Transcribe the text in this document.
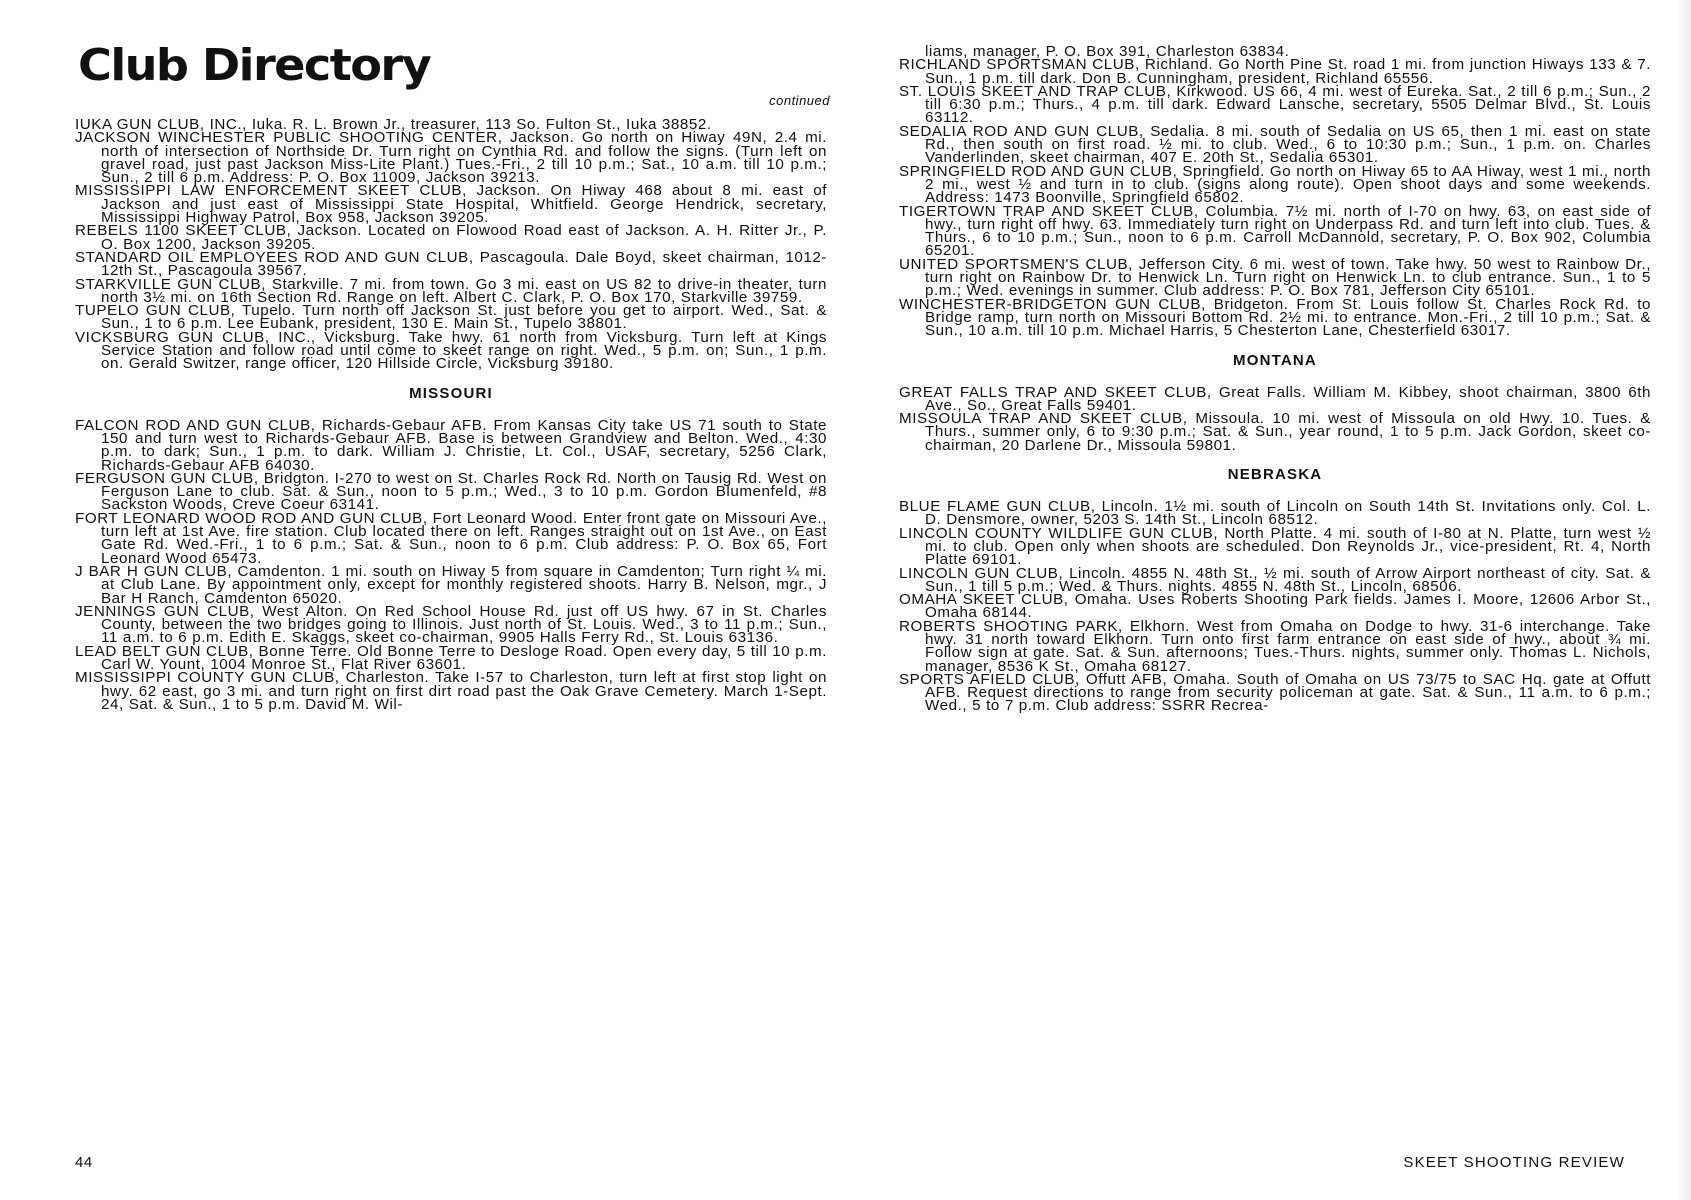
Club Directory
continued

IUKA GUN CLUB, INC., Iuka. R. L. Brown Jr., treasurer, 113 So. Fulton St., Iuka 38852.

JACKSON WINCHESTER PUBLIC SHOOTING CENTER, Jackson. Go north on Hiway 49N, 2.4 mi. north of intersection of Northside Dr. Turn right on Cynthia Rd. and follow the signs. (Turn left on gravel road, just past Jackson Miss-Lite Plant.) Tues.-Fri., 2 till 10 p.m.; Sat., 10 a.m. till 10 p.m.; Sun., 2 till 6 p.m. Address: P. O. Box 11009, Jackson 39213.

MISSISSIPPI LAW ENFORCEMENT SKEET CLUB, Jackson. On Hiway 468 about 8 mi. east of Jackson and just east of Mississippi State Hospital, Whitfield. George Hendrick, secretary, Mississippi Highway Patrol, Box 958, Jackson 39205.

REBELS 1100 SKEET CLUB, Jackson. Located on Flowood Road east of Jackson. A. H. Ritter Jr., P. O. Box 1200, Jackson 39205.

STANDARD OIL EMPLOYEES ROD AND GUN CLUB, Pascagoula. Dale Boyd, skeet chairman, 1012-12th St., Pascagoula 39567.

STARKVILLE GUN CLUB, Starkville. 7 mi. from town. Go 3 mi. east on US 82 to drive-in theater, turn north 3½ mi. on 16th Section Rd. Range on left. Albert C. Clark, P. O. Box 170, Starkville 39759.

TUPELO GUN CLUB, Tupelo. Turn north off Jackson St. just before you get to airport. Wed., Sat. & Sun., 1 to 6 p.m. Lee Eubank, president, 130 E. Main St., Tupelo 38801.

VICKSBURG GUN CLUB, INC., Vicksburg. Take hwy. 61 north from Vicksburg. Turn left at Kings Service Station and follow road until come to skeet range on right. Wed., 5 p.m. on; Sun., 1 p.m. on. Gerald Switzer, range officer, 120 Hillside Circle, Vicksburg 39180.

MISSOURI

FALCON ROD AND GUN CLUB, Richards-Gebaur AFB. From Kansas City take US 71 south to State 150 and turn west to Richards-Gebaur AFB. Base is between Grandview and Belton. Wed., 4:30 p.m. to dark; Sun., 1 p.m. to dark. William J. Christie, Lt. Col., USAF, secretary, 5256 Clark, Richards-Gebaur AFB 64030.

FERGUSON GUN CLUB, Bridgton. I-270 to west on St. Charles Rock Rd. North on Tausig Rd. West on Ferguson Lane to club. Sat. & Sun., noon to 5 p.m.; Wed., 3 to 10 p.m. Gordon Blumenfeld, #8 Sackston Woods, Creve Coeur 63141.

FORT LEONARD WOOD ROD AND GUN CLUB, Fort Leonard Wood. Enter front gate on Missouri Ave., turn left at 1st Ave. fire station. Club located there on left. Ranges straight out on 1st Ave., on East Gate Rd. Wed.-Fri., 1 to 6 p.m.; Sat. & Sun., noon to 6 p.m. Club address: P. O. Box 65, Fort Leonard Wood 65473.

J BAR H GUN CLUB, Camdenton. 1 mi. south on Hiway 5 from square in Camdenton; Turn right ¼ mi. at Club Lane. By appointment only, except for monthly registered shoots. Harry B. Nelson, mgr., J Bar H Ranch, Camdenton 65020.

JENNINGS GUN CLUB, West Alton. On Red School House Rd. just off US hwy. 67 in St. Charles County, between the two bridges going to Illinois. Just north of St. Louis. Wed., 3 to 11 p.m.; Sun., 11 a.m. to 6 p.m. Edith E. Skaggs, skeet co-chairman, 9905 Halls Ferry Rd., St. Louis 63136.

LEAD BELT GUN CLUB, Bonne Terre. Old Bonne Terre to Desloge Road. Open every day, 5 till 10 p.m. Carl W. Yount, 1004 Monroe St., Flat River 63601.

MISSISSIPPI COUNTY GUN CLUB, Charleston. Take I-57 to Charleston, turn left at first stop light on hwy. 62 east, go 3 mi. and turn right on first dirt road past the Oak Grave Cemetery. March 1-Sept. 24, Sat. & Sun., 1 to 5 p.m. David M. Wil-

liams, manager, P. O. Box 391, Charleston 63834.

RICHLAND SPORTSMAN CLUB, Richland. Go North Pine St. road 1 mi. from junction Hiways 133 & 7. Sun., 1 p.m. till dark. Don B. Cunningham, president, Richland 65556.

ST. LOUIS SKEET AND TRAP CLUB, Kirkwood. US 66, 4 mi. west of Eureka. Sat., 2 till 6 p.m.; Sun., 2 till 6:30 p.m.; Thurs., 4 p.m. till dark. Edward Lansche, secretary, 5505 Delmar Blvd., St. Louis 63112.

SEDALIA ROD AND GUN CLUB, Sedalia. 8 mi. south of Sedalia on US 65, then 1 mi. east on state Rd., then south on first road. ½ mi. to club. Wed., 6 to 10:30 p.m.; Sun., 1 p.m. on. Charles Vanderlinden, skeet chairman, 407 E. 20th St., Sedalia 65301.

SPRINGFIELD ROD AND GUN CLUB, Springfield. Go north on Hiway 65 to AA Hiway, west 1 mi., north 2 mi., west ½ and turn in to club. (signs along route). Open shoot days and some weekends. Address: 1473 Boonville, Springfield 65802.

TIGERTOWN TRAP AND SKEET CLUB, Columbia. 7½ mi. north of I-70 on hwy. 63, on east side of hwy., turn right off hwy. 63. Immediately turn right on Underpass Rd. and turn left into club. Tues. & Thurs., 6 to 10 p.m.; Sun., noon to 6 p.m. Carroll McDannold, secretary, P. O. Box 902, Columbia 65201.

UNITED SPORTSMEN'S CLUB, Jefferson City. 6 mi. west of town. Take hwy. 50 west to Rainbow Dr., turn right on Rainbow Dr. to Henwick Ln. Turn right on Henwick Ln. to club entrance. Sun., 1 to 5 p.m.; Wed. evenings in summer. Club address: P. O. Box 781, Jefferson City 65101.

WINCHESTER-BRIDGETON GUN CLUB, Bridgeton. From St. Louis follow St. Charles Rock Rd. to Bridge ramp, turn north on Missouri Bottom Rd. 2½ mi. to entrance. Mon.-Fri., 2 till 10 p.m.; Sat. & Sun., 10 a.m. till 10 p.m. Michael Harris, 5 Chesterton Lane, Chesterfield 63017.

MONTANA

GREAT FALLS TRAP AND SKEET CLUB, Great Falls. William M. Kibbey, shoot chairman, 3800 6th Ave., So., Great Falls 59401.

MISSOULA TRAP AND SKEET CLUB, Missoula. 10 mi. west of Missoula on old Hwy. 10. Tues. & Thurs., summer only, 6 to 9:30 p.m.; Sat. & Sun., year round, 1 to 5 p.m. Jack Gordon, skeet co-chairman, 20 Darlene Dr., Missoula 59801.

NEBRASKA

BLUE FLAME GUN CLUB, Lincoln. 1½ mi. south of Lincoln on South 14th St. Invitations only. Col. L. D. Densmore, owner, 5203 S. 14th St., Lincoln 68512.

LINCOLN COUNTY WILDLIFE GUN CLUB, North Platte. 4 mi. south of I-80 at N. Platte, turn west ½ mi. to club. Open only when shoots are scheduled. Don Reynolds Jr., vice-president, Rt. 4, North Platte 69101.

LINCOLN GUN CLUB, Lincoln. 4855 N. 48th St., ½ mi. south of Arrow Airport northeast of city. Sat. & Sun., 1 till 5 p.m.; Wed. & Thurs. nights. 4855 N. 48th St., Lincoln, 68506.

OMAHA SKEET CLUB, Omaha. Uses Roberts Shooting Park fields. James I. Moore, 12606 Arbor St., Omaha 68144.

ROBERTS SHOOTING PARK, Elkhorn. West from Omaha on Dodge to hwy. 31-6 interchange. Take hwy. 31 north toward Elkhorn. Turn onto first farm entrance on east side of hwy., about ¾ mi. Follow sign at gate. Sat. & Sun. afternoons; Tues.-Thurs. nights, summer only. Thomas L. Nichols, manager, 8536 K St., Omaha 68127.

SPORTS AFIELD CLUB, Offutt AFB, Omaha. South of Omaha on US 73/75 to SAC Hq. gate at Offutt AFB. Request directions to range from security policeman at gate. Sat. & Sun., 11 a.m. to 6 p.m.; Wed., 5 to 7 p.m. Club address: SSRR Recrea-

44	SKEET SHOOTING REVIEW
